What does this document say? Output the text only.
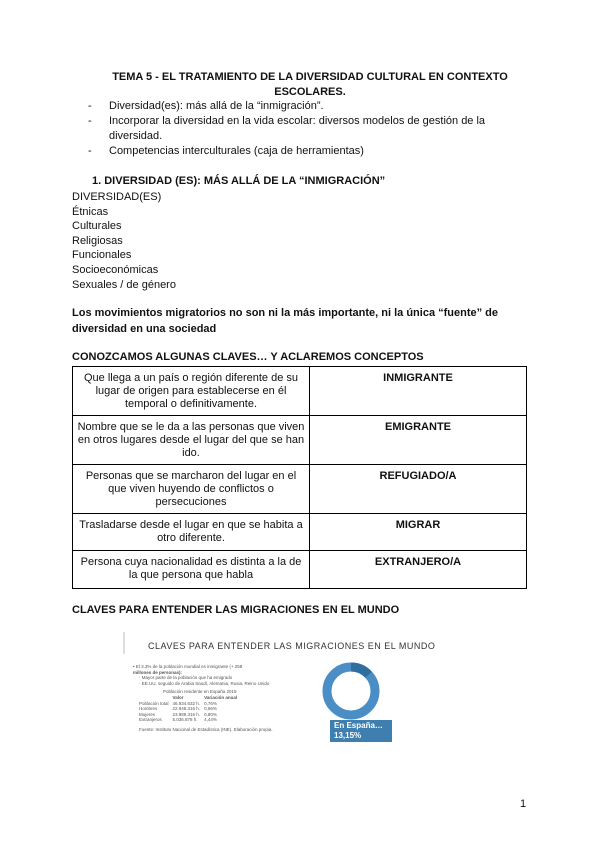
TEMA 5 - EL TRATAMIENTO DE LA DIVERSIDAD CULTURAL EN CONTEXTO ESCOLARES.
- Diversidad(es): más allá de la “inmigración”.
- Incorporar la diversidad en la vida escolar: diversos modelos de gestión de la diversidad.
- Competencias interculturales (caja de herramientas)
1. DIVERSIDAD (ES): MÁS ALLÁ DE LA “INMIGRACIÓN”
DIVERSIDAD(ES)
Étnicas
Culturales
Religiosas
Funcionales
Socioeconómicas
Sexuales / de género
Los movimientos migratorios no son ni la más importante, ni la única “fuente” de diversidad en una sociedad
CONOZCAMOS ALGUNAS CLAVES… Y ACLAREMOS CONCEPTOS
Que llega a un país o región diferente de su lugar de origen para establecerse en él temporal o definitivamente.	INMIGRANTE
Nombre que se le da a las personas que viven en otros lugares desde el lugar del que se han ido.	EMIGRANTE
Personas que se marcharon del lugar en el que viven huyendo de conflictos o persecuciones	REFUGIADO/A
Trasladarse desde el lugar en que se habita a otro diferente.	MIGRAR
Persona cuya nacionalidad es distinta a la de la que persona que habla	EXTRANJERO/A
CLAVES PARA ENTENDER LAS MIGRACIONES EN EL MUNDO
CLAVES PARA ENTENDER LAS MIGRACIONES EN EL MUNDO
• El 3,3% de la población mundial es inmigrante (+ 258
millones de personas):
· Mayor parte de la población que ha emigrado
· EE.UU. seguido de Arabia Saudí, Alemania, Rusia, Reino Unido
Población residente en España 2019
	Valor	Variación anual
Población total	46.934.632 h.	0,76%
Hombres	22.945.316 h.	0,66%
Mujeres	23.989.316 h.	0,80%
Extranjeros	5.036.878 h.	4,44%
Fuente: Instituto Nacional de Estadística (INE). Elaboración propia.	En España…
13,15%
1
